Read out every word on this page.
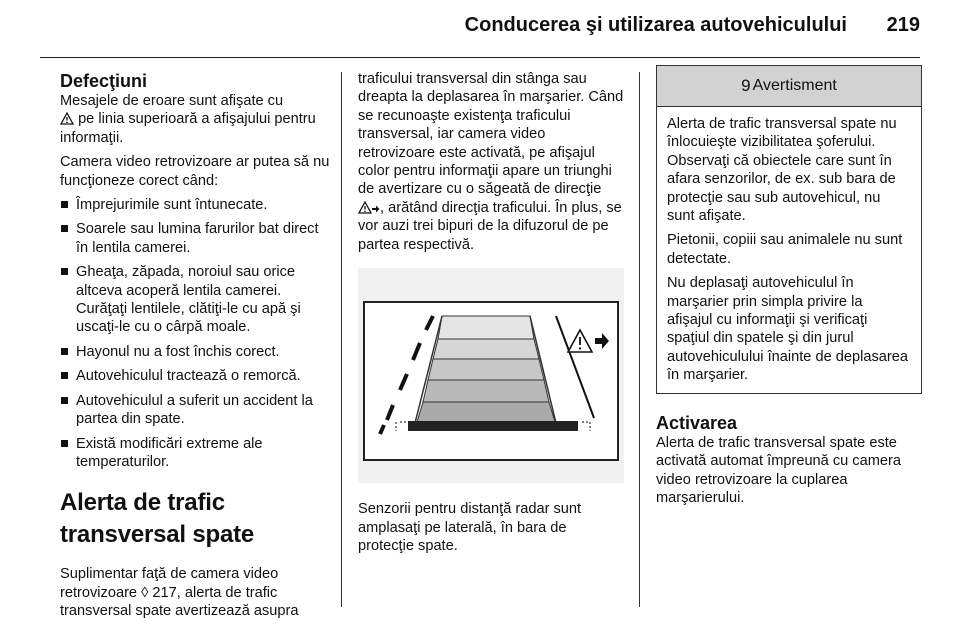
Conducerea şi utilizarea autovehiculului 219
Defecţiuni

Mesajele de eroare sunt afişate cu
pe linia superioară a afişajului pentru informaţii.

Camera video retrovizoare ar putea să nu funcţioneze corect când:

Împrejurimile sunt întunecate.
Soarele sau lumina farurilor bat direct în lentila camerei.
Gheaţa, zăpada, noroiul sau orice altceva acoperă lentila camerei. Curăţaţi lentilele, clătiţi-le cu apă şi uscaţi-le cu o cârpă moale.
Hayonul nu a fost închis corect.
Autovehiculul tractează o remorcă.
Autovehiculul a suferit un accident la partea din spate.
Există modificări extreme ale temperaturilor.
Alerta de trafic transversal spate

Suplimentar faţă de camera video retrovizoare ◊ 217, alerta de trafic transversal spate avertizează asupra

traficului transversal din stânga sau dreapta la deplasarea în marşarier. Când se recunoaşte existenţa traficului transversal, iar camera video retrovizoare este activată, pe afişajul color pentru informaţii apare un triunghi de avertizare cu o săgeată de direcţie , arătând direcţia traficului. În plus, se vor auzi trei bipuri de la difuzorul de pe partea respectivă.

Senzorii pentru distanţă radar sunt amplasaţi pe laterală, în bara de protecţie spate.

9 Avertisment

Alerta de trafic transversal spate nu înlocuieşte vizibilitatea şoferului. Observaţi că obiectele care sunt în afara senzorilor, de ex. sub bara de protecţie sau sub autovehicul, nu sunt afişate.

Pietonii, copiii sau animalele nu sunt detectate.

Nu deplasaţi autovehiculul în marşarier prin simpla privire la afişajul cu informaţii şi verificaţi spaţiul din spatele şi din jurul autovehiculului înainte de deplasarea în marşarier.

Activarea

Alerta de trafic transversal spate este activată automat împreună cu camera video retrovizoare la cuplarea marşarierului.
